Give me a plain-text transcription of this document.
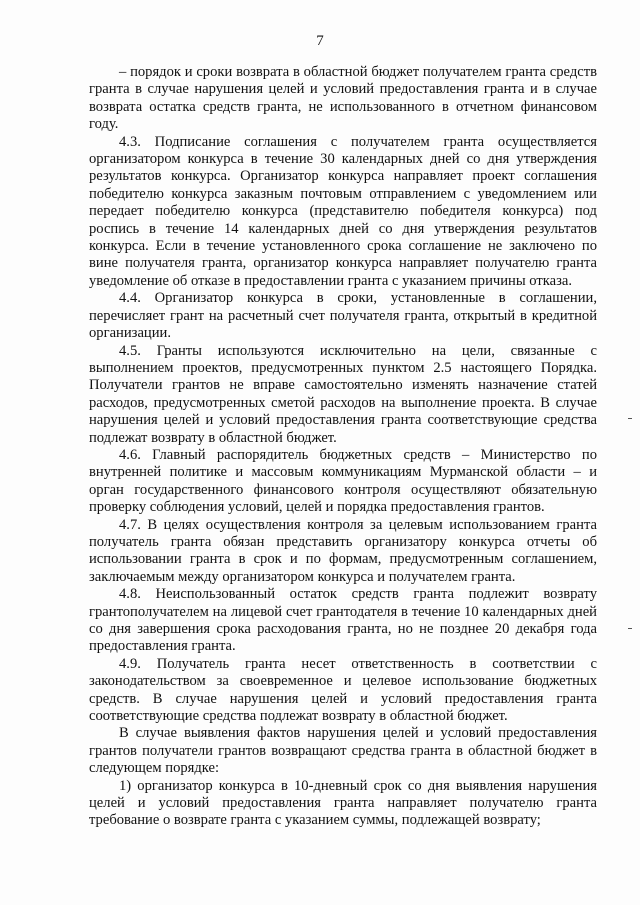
7

– порядок и сроки возврата в областной бюджет получателем гранта средств гранта в случае нарушения целей и условий предоставления гранта и в случае возврата остатка средств гранта, не использованного в отчетном финансовом году.

4.3. Подписание соглашения с получателем гранта осуществляется организатором конкурса в течение 30 календарных дней со дня утверждения результатов конкурса. Организатор конкурса направляет проект соглашения победителю конкурса заказным почтовым отправлением с уведомлением или передает победителю конкурса (представителю победителя конкурса) под роспись в течение 14 календарных дней со дня утверждения результатов конкурса. Если в течение установленного срока соглашение не заключено по вине получателя гранта, организатор конкурса направляет получателю гранта уведомление об отказе в предоставлении гранта с указанием причины отказа.

4.4. Организатор конкурса в сроки, установленные в соглашении, перечисляет грант на расчетный счет получателя гранта, открытый в кредитной организации.

4.5. Гранты используются исключительно на цели, связанные с выполнением проектов, предусмотренных пунктом 2.5 настоящего Порядка. Получатели грантов не вправе самостоятельно изменять назначение статей расходов, предусмотренных сметой расходов на выполнение проекта. В случае нарушения целей и условий предоставления гранта соответствующие средства подлежат возврату в областной бюджет.

4.6. Главный распорядитель бюджетных средств – Министерство по внутренней политике и массовым коммуникациям Мурманской области – и орган государственного финансового контроля осуществляют обязательную проверку соблюдения условий, целей и порядка предоставления грантов.

4.7. В целях осуществления контроля за целевым использованием гранта получатель гранта обязан представить организатору конкурса отчеты об использовании гранта в срок и по формам, предусмотренным соглашением, заключаемым между организатором конкурса и получателем гранта.

4.8. Неиспользованный остаток средств гранта подлежит возврату грантополучателем на лицевой счет грантодателя в течение 10 календарных дней со дня завершения срока расходования гранта, но не позднее 20 декабря года предоставления гранта.

4.9. Получатель гранта несет ответственность в соответствии с законодательством за своевременное и целевое использование бюджетных средств. В случае нарушения целей и условий предоставления гранта соответствующие средства подлежат возврату в областной бюджет.

В случае выявления фактов нарушения целей и условий предоставления грантов получатели грантов возвращают средства гранта в областной бюджет в следующем порядке:

1) организатор конкурса в 10-дневный срок со дня выявления нарушения целей и условий предоставления гранта направляет получателю гранта требование о возврате гранта с указанием суммы, подлежащей возврату;
